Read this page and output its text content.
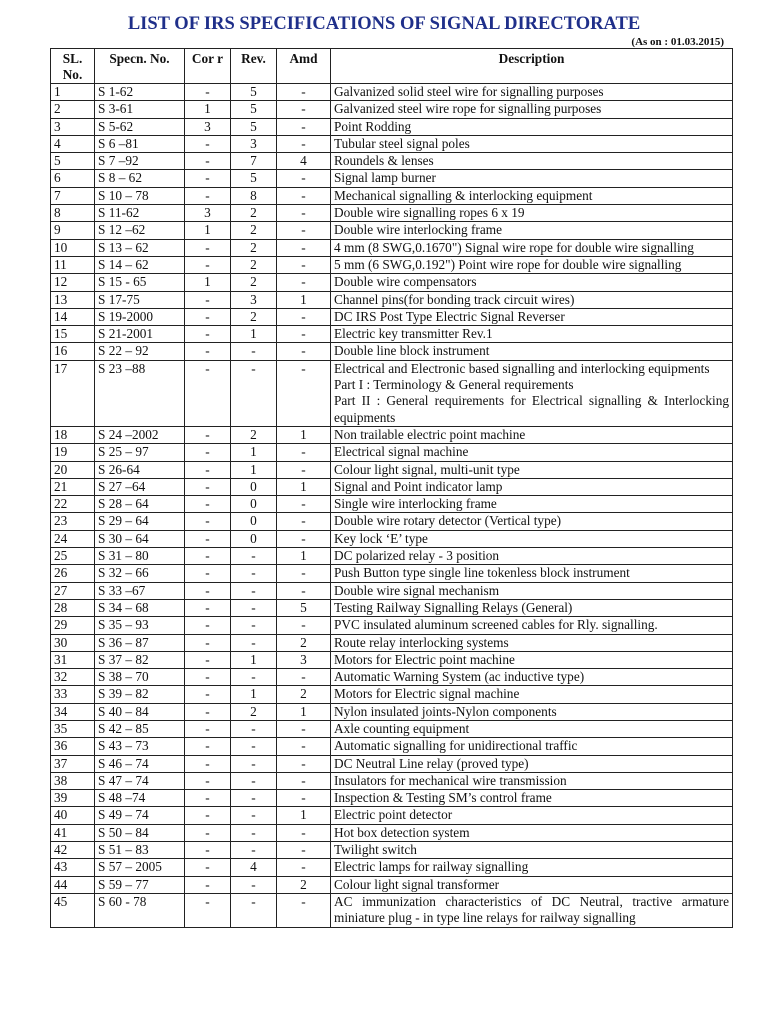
LIST OF IRS SPECIFICATIONS OF SIGNAL DIRECTORATE
(As on : 01.03.2015)
SL. No.	Specn. No.	Cor r	Rev.	Amd	Description
1	S 1-62	-	5	-	Galvanized solid steel wire for signalling purposes
2	S 3-61	1	5	-	Galvanized steel wire rope for signalling purposes
3	S 5-62	3	5	-	Point Rodding
4	S 6 –81	-	3	-	Tubular steel signal poles
5	S 7 –92	-	7	4	Roundels & lenses
6	S 8 – 62	-	5	-	Signal lamp burner
7	S 10 – 78	-	8	-	Mechanical signalling & interlocking equipment
8	S 11-62	3	2	-	Double wire signalling ropes 6 x 19
9	S 12 –62	1	2	-	Double wire interlocking frame
10	S 13 – 62	-	2	-	4 mm (8 SWG,0.1670") Signal wire rope for double wire signalling
11	S 14 – 62	-	2	-	5 mm (6 SWG,0.192") Point wire rope for double wire signalling
12	S 15 - 65	1	2	-	Double wire compensators
13	S 17-75	-	3	1	Channel pins(for bonding track circuit wires)
14	S 19-2000	-	2	-	DC IRS Post Type Electric Signal Reverser
15	S 21-2001	-	1	-	Electric key transmitter Rev.1
16	S 22 – 92	-	-	-	Double line block instrument
17	S 23 –88	-	-	-	Electrical and Electronic based signalling and interlocking equipments
Part I : Terminology & General requirements
Part II : General requirements for Electrical signalling & Interlocking equipments

18	S 24 –2002	-	2	1	Non trailable electric point machine
19	S 25 – 97	-	1	-	Electrical signal machine
20	S 26-64	-	1	-	Colour light signal, multi-unit type
21	S 27 –64	-	0	1	Signal and Point indicator lamp
22	S 28 – 64	-	0	-	Single wire interlocking frame
23	S 29 – 64	-	0	-	Double wire rotary detector (Vertical type)
24	S 30 – 64	-	0	-	Key lock ‘E’ type
25	S 31 – 80	-	-	1	DC polarized relay - 3 position
26	S 32 – 66	-	-	-	Push Button type single line tokenless block instrument
27	S 33 –67	-	-	-	Double wire signal mechanism
28	S 34 – 68	-	-	5	Testing Railway Signalling Relays (General)
29	S 35 – 93	-	-	-	PVC insulated aluminum screened cables for Rly. signalling.
30	S 36 – 87	-	-	2	Route relay interlocking systems
31	S 37 – 82	-	1	3	Motors for Electric point machine
32	S 38 – 70	-	-	-	Automatic Warning System (ac inductive type)
33	S 39 – 82	-	1	2	Motors for Electric signal machine
34	S 40 – 84	-	2	1	Nylon insulated joints-Nylon components
35	S 42 – 85	-	-	-	Axle counting equipment
36	S 43 – 73	-	-	-	Automatic signalling for unidirectional traffic
37	S 46 – 74	-	-	-	DC Neutral Line relay (proved type)
38	S 47 – 74	-	-	-	Insulators for mechanical wire transmission
39	S 48 –74	-	-	-	Inspection & Testing SM’s control frame
40	S 49 – 74	-	-	1	Electric point detector
41	S 50 – 84	-	-	-	Hot box detection system
42	S 51 – 83	-	-	-	Twilight switch
43	S 57 – 2005	-	4	-	Electric lamps for railway signalling
44	S 59 – 77	-	-	2	Colour light signal transformer
45	S 60 - 78	-	-	-	AC immunization characteristics of DC Neutral, tractive armature miniature plug - in type line relays for railway signalling
